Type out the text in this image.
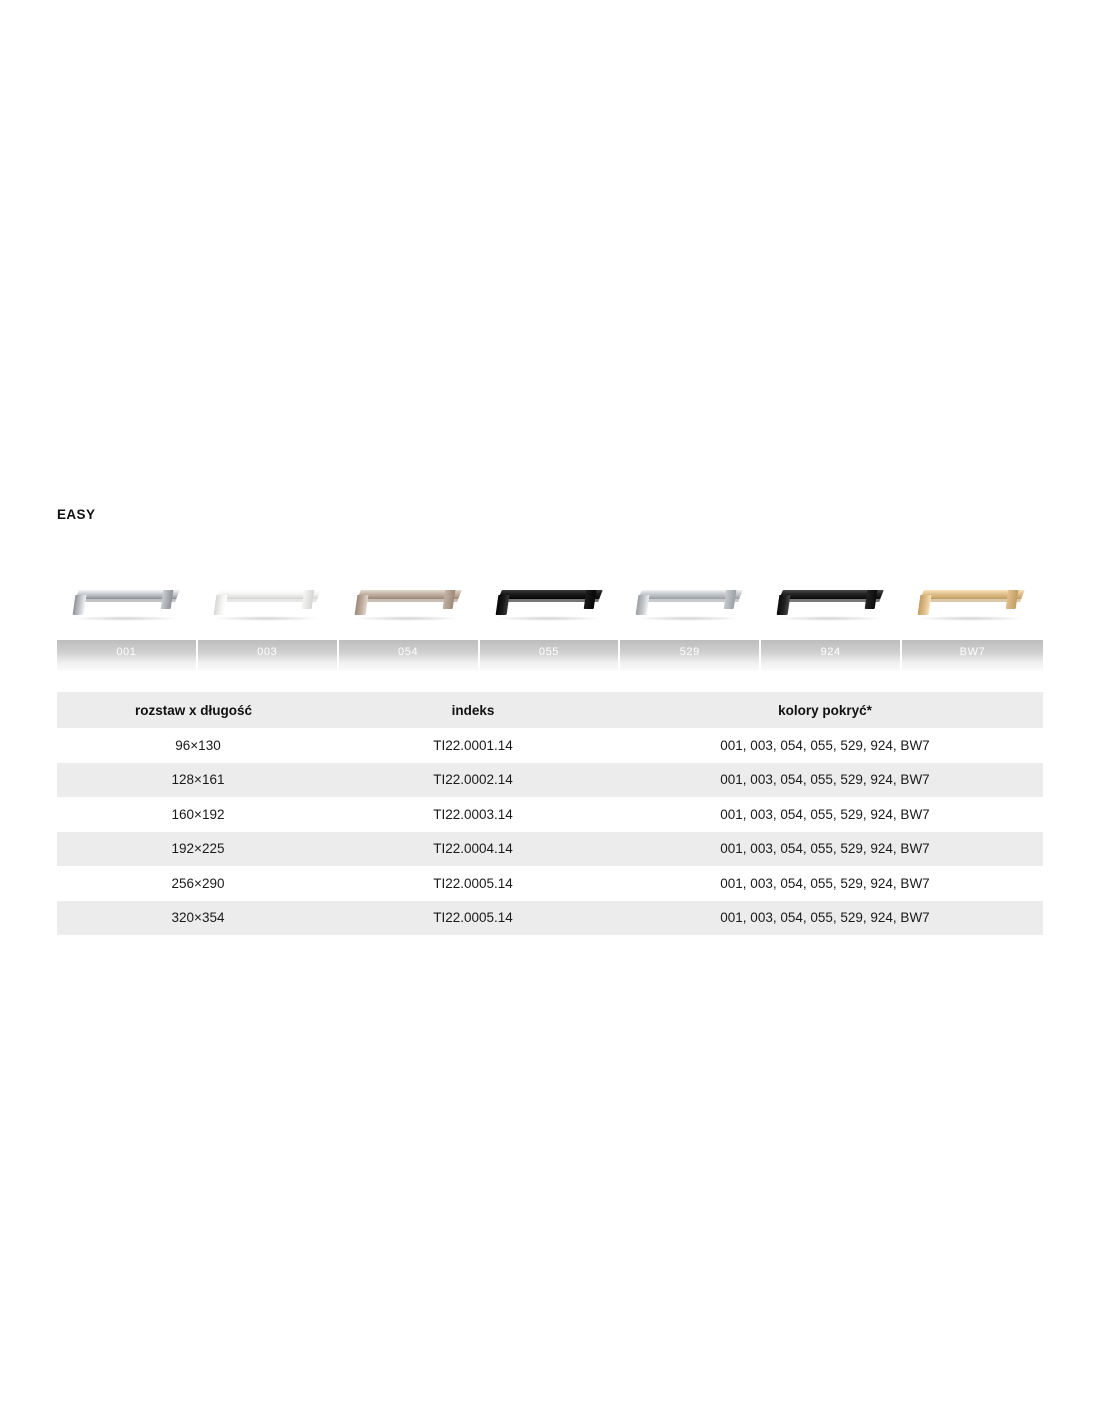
EASY
001	003	054	055	529	924	BW7
rozstaw x długość	indeks	kolory pokryć*
96×130	TI22.0001.14	001, 003, 054, 055, 529, 924, BW7
128×161	TI22.0002.14	001, 003, 054, 055, 529, 924, BW7
160×192	TI22.0003.14	001, 003, 054, 055, 529, 924, BW7
192×225	TI22.0004.14	001, 003, 054, 055, 529, 924, BW7
256×290	TI22.0005.14	001, 003, 054, 055, 529, 924, BW7
320×354	TI22.0005.14	001, 003, 054, 055, 529, 924, BW7
